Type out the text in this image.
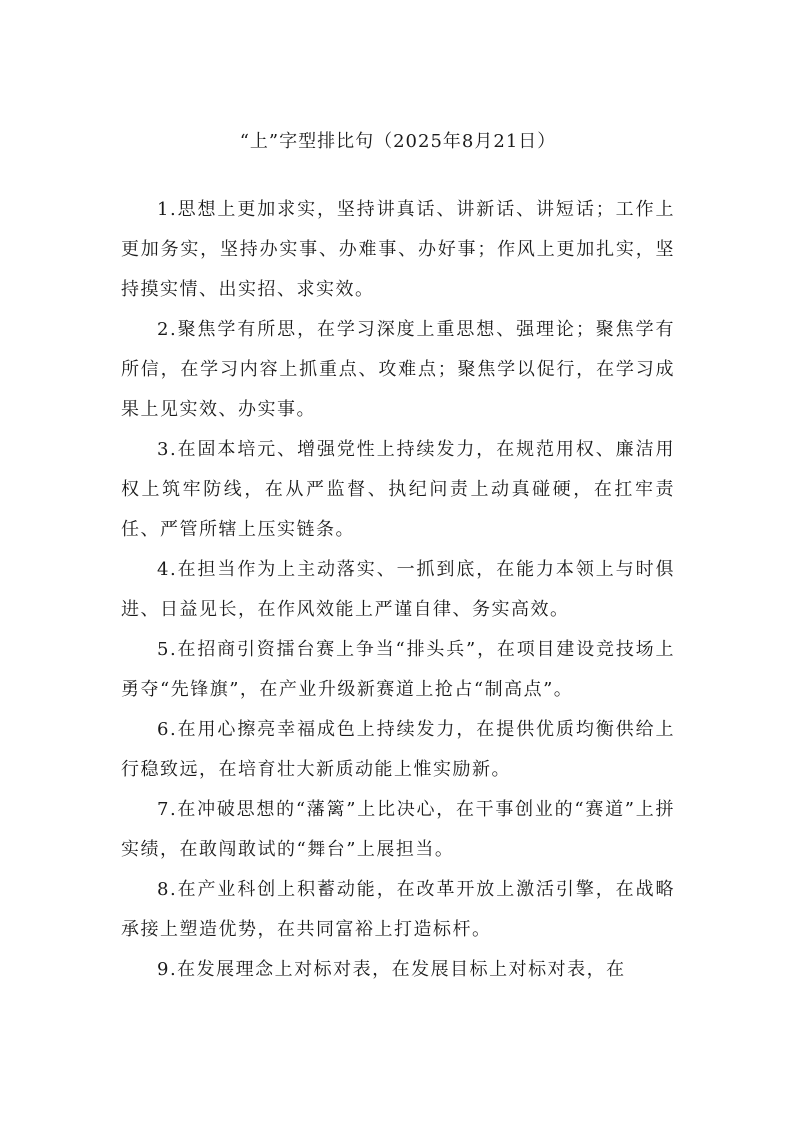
“上”字型排比句（2025年8月21日）

1.思想上更加求实，坚持讲真话、讲新话、讲短话；工作上更加务实，坚持办实事、办难事、办好事；作风上更加扎实，坚持摸实情、出实招、求实效。

2.聚焦学有所思，在学习深度上重思想、强理论；聚焦学有所信，在学习内容上抓重点、攻难点；聚焦学以促行，在学习成果上见实效、办实事。

3.在固本培元、增强党性上持续发力，在规范用权、廉洁用权上筑牢防线，在从严监督、执纪问责上动真碰硬，在扛牢责任、严管所辖上压实链条。

4.在担当作为上主动落实、一抓到底，在能力本领上与时俱进、日益见长，在作风效能上严谨自律、务实高效。

5.在招商引资擂台赛上争当“排头兵”，在项目建设竞技场上勇夺“先锋旗”，在产业升级新赛道上抢占“制高点”。

6.在用心擦亮幸福成色上持续发力，在提供优质均衡供给上行稳致远，在培育壮大新质动能上惟实励新。

7.在冲破思想的“藩篱”上比决心，在干事创业的“赛道”上拼实绩，在敢闯敢试的“舞台”上展担当。

8.在产业科创上积蓄动能，在改革开放上激活引擎，在战略承接上塑造优势，在共同富裕上打造标杆。

9.在发展理念上对标对表，在发展目标上对标对表，在
